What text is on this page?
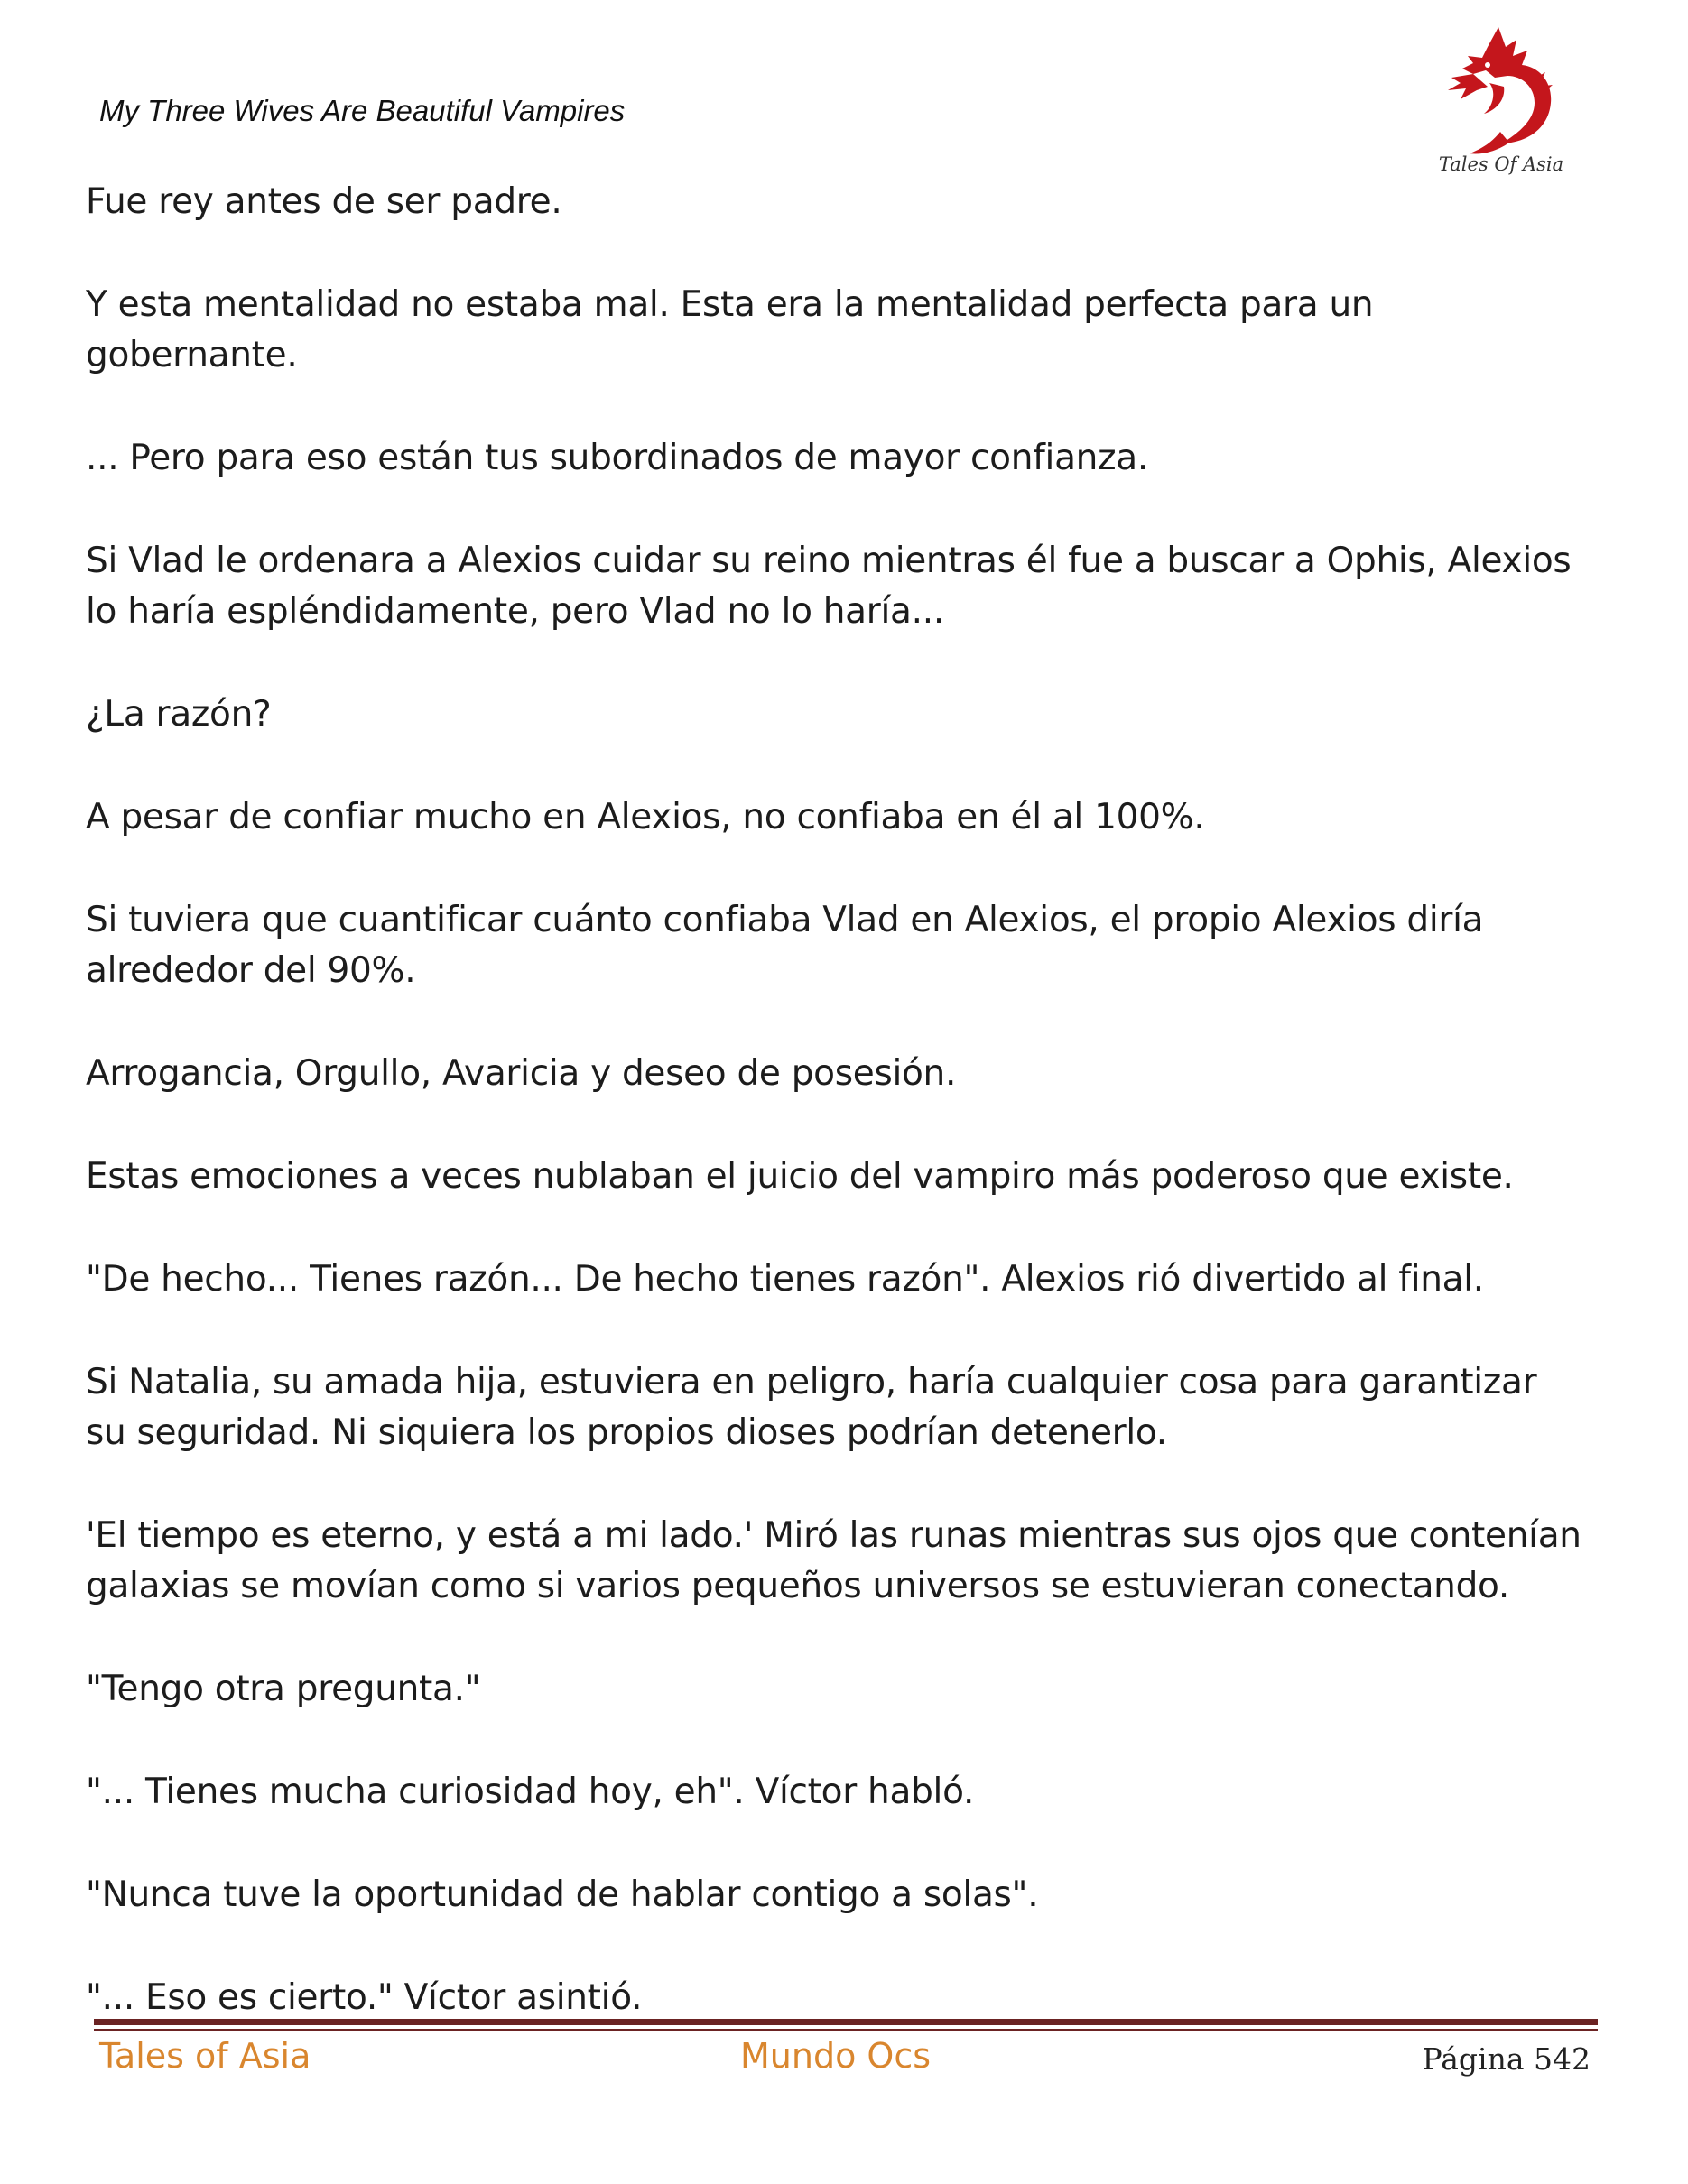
My Three Wives Are Beautiful Vampires
Tales Of Asia

Fue rey antes de ser padre.

Y esta mentalidad no estaba mal. Esta era la mentalidad perfecta para un gobernante.

... Pero para eso están tus subordinados de mayor confianza.

Si Vlad le ordenara a Alexios cuidar su reino mientras él fue a buscar a Ophis, Alexios lo haría espléndidamente, pero Vlad no lo haría...

¿La razón?

A pesar de confiar mucho en Alexios, no confiaba en él al 100%.

Si tuviera que cuantificar cuánto confiaba Vlad en Alexios, el propio Alexios diría alrededor del 90%.

Arrogancia, Orgullo, Avaricia y deseo de posesión.

Estas emociones a veces nublaban el juicio del vampiro más poderoso que existe.

"De hecho... Tienes razón... De hecho tienes razón". Alexios rió divertido al final.

Si Natalia, su amada hija, estuviera en peligro, haría cualquier cosa para garantizar su seguridad. Ni siquiera los propios dioses podrían detenerlo.

'El tiempo es eterno, y está a mi lado.' Miró las runas mientras sus ojos que contenían galaxias se movían como si varios pequeños universos se estuvieran conectando.

"Tengo otra pregunta."

"... Tienes mucha curiosidad hoy, eh". Víctor habló.

"Nunca tuve la oportunidad de hablar contigo a solas".

"... Eso es cierto." Víctor asintió.

Tales of Asia	Mundo Ocs	Página 542
